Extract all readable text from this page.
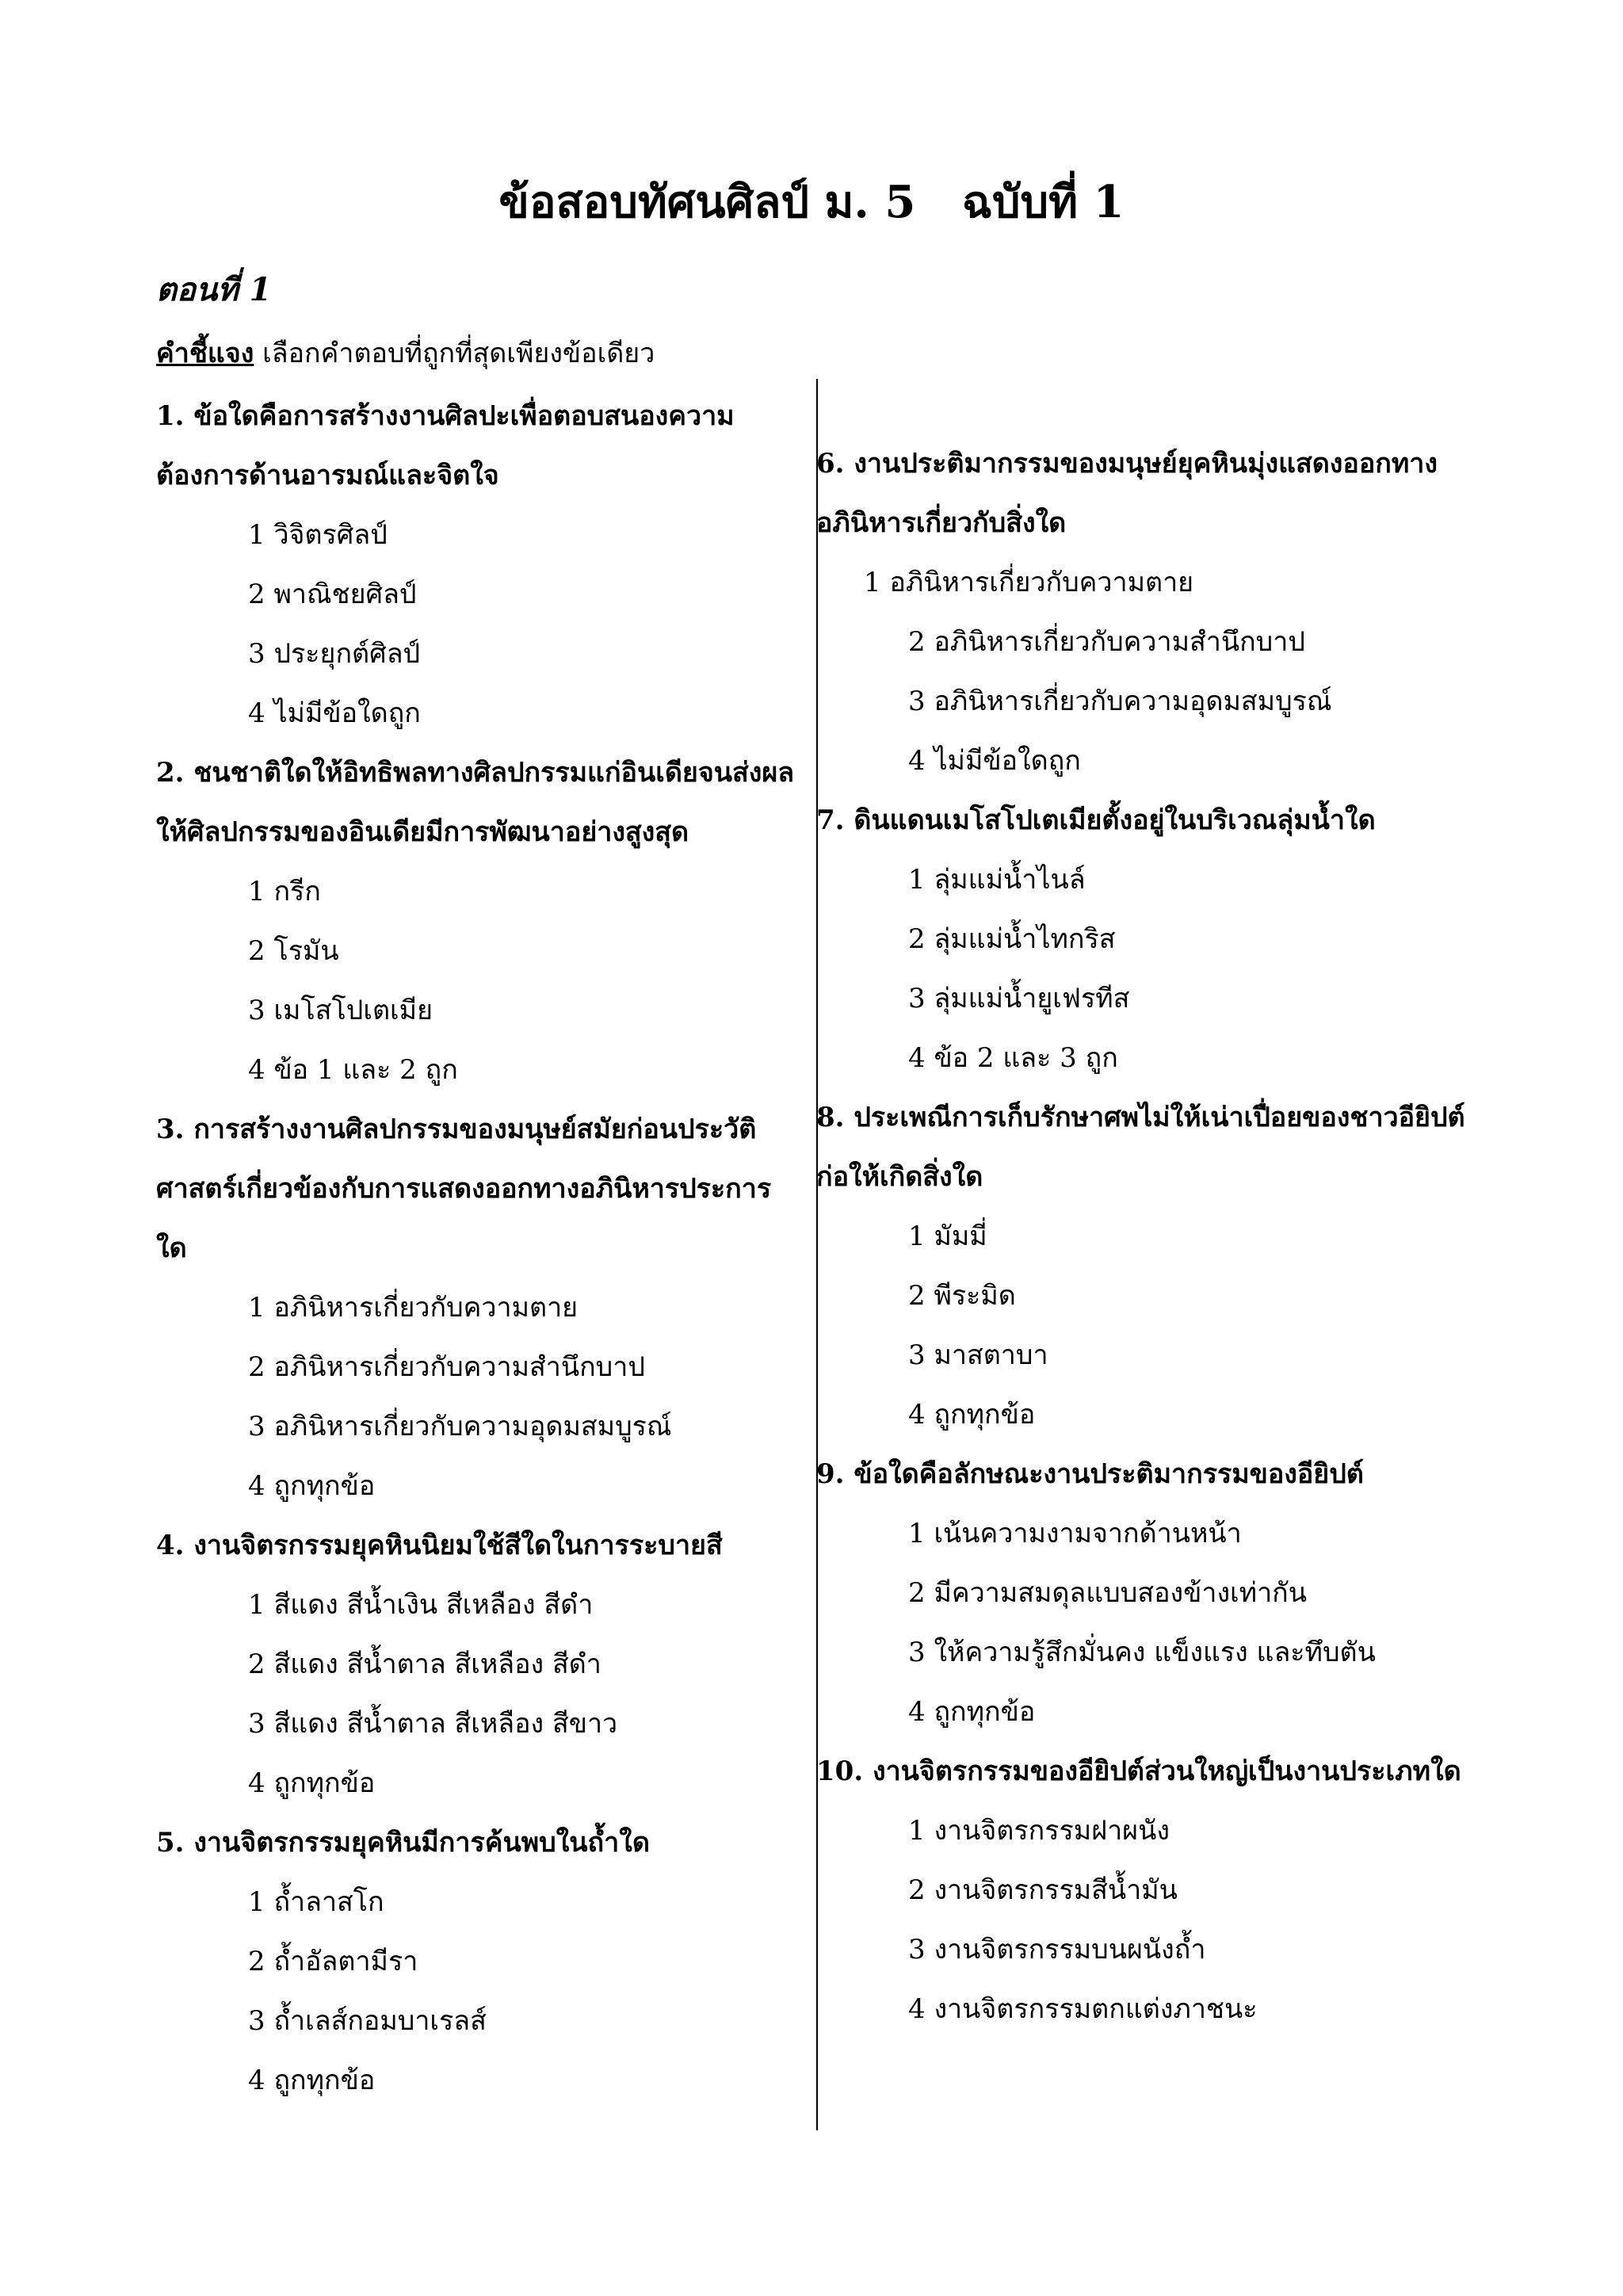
ข้อสอบทัศนศิลป์ ม. 5   ฉบับที่ 1
ตอนที่ 1
คำชี้แจง เลือกคำตอบที่ถูกที่สุดเพียงข้อเดียว
1. ข้อใดคือการสร้างงานศิลปะเพื่อตอบสนองความ
ต้องการด้านอารมณ์และจิตใจ
1 วิจิตรศิลป์
2 พาณิชยศิลป์
3 ประยุกต์ศิลป์
4 ไม่มีข้อใดถูก
2. ชนชาติใดให้อิทธิพลทางศิลปกรรมแก่อินเดียจนส่งผล
ให้ศิลปกรรมของอินเดียมีการพัฒนาอย่างสูงสุด
1 กรีก
2 โรมัน
3 เมโสโปเตเมีย
4 ข้อ 1 และ 2 ถูก
3. การสร้างงานศิลปกรรมของมนุษย์สมัยก่อนประวัติ
ศาสตร์เกี่ยวข้องกับการแสดงออกทางอภินิหารประการ
ใด
1 อภินิหารเกี่ยวกับความตาย
2 อภินิหารเกี่ยวกับความสำนึกบาป
3 อภินิหารเกี่ยวกับความอุดมสมบูรณ์
4 ถูกทุกข้อ
4. งานจิตรกรรมยุคหินนิยมใช้สีใดในการระบายสี
1 สีแดง สีน้ำเงิน สีเหลือง สีดำ
2 สีแดง สีน้ำตาล สีเหลือง สีดำ
3 สีแดง สีน้ำตาล สีเหลือง สีขาว
4 ถูกทุกข้อ
5. งานจิตรกรรมยุคหินมีการค้นพบในถ้ำใด
1 ถ้ำลาสโก
2 ถ้ำอัลตามีรา
3 ถ้ำเลส์กอมบาเรลส์
4 ถูกทุกข้อ
6. งานประติมากรรมของมนุษย์ยุคหินมุ่งแสดงออกทาง
อภินิหารเกี่ยวกับสิ่งใด
1 อภินิหารเกี่ยวกับความตาย
2 อภินิหารเกี่ยวกับความสำนึกบาป
3 อภินิหารเกี่ยวกับความอุดมสมบูรณ์
4 ไม่มีข้อใดถูก
7. ดินแดนเมโสโปเตเมียตั้งอยู่ในบริเวณลุ่มน้ำใด
1 ลุ่มแม่น้ำไนล์
2 ลุ่มแม่น้ำไทกริส
3 ลุ่มแม่น้ำยูเฟรทีส
4 ข้อ 2 และ 3 ถูก
8. ประเพณีการเก็บรักษาศพไม่ให้เน่าเปื่อยของชาวอียิปต์
ก่อให้เกิดสิ่งใด
1 มัมมี่
2 พีระมิด
3 มาสตาบา
4 ถูกทุกข้อ
9. ข้อใดคือลักษณะงานประติมากรรมของอียิปต์
1 เน้นความงามจากด้านหน้า
2 มีความสมดุลแบบสองข้างเท่ากัน
3 ให้ความรู้สึกมั่นคง แข็งแรง และทึบตัน
4 ถูกทุกข้อ
10. งานจิตรกรรมของอียิปต์ส่วนใหญ่เป็นงานประเภทใด
1 งานจิตรกรรมฝาผนัง
2 งานจิตรกรรมสีน้ำมัน
3 งานจิตรกรรมบนผนังถ้ำ
4 งานจิตรกรรมตกแต่งภาชนะ
